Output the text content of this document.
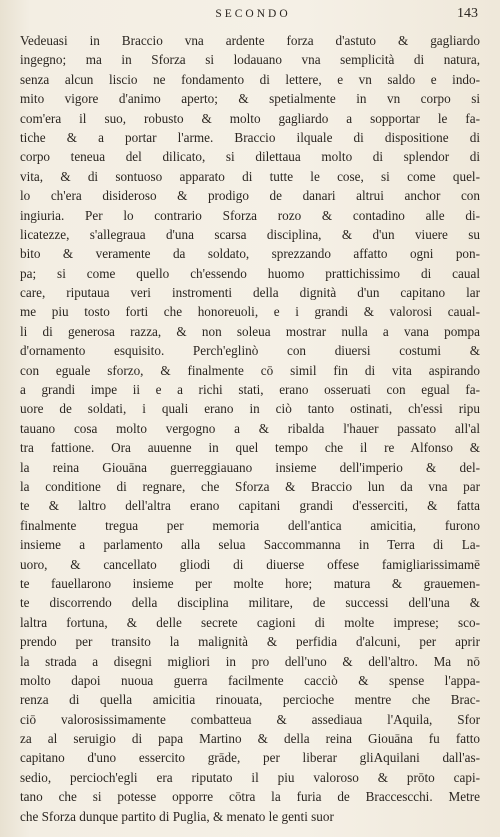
SECONDO	143
Vedeuasi in Braccio vna ardente forza d'astuto & gagliardo
ingegno; ma in Sforza si lodauano vna semplicità di natura,
senza alcun lisciο ne fondamento di lettere, e vn saldo e indo-
mito vigore d'animo aperto; & spetialmente in vn corpo si
com'era il suo, robusto & molto gagliardo a sopportar le fa-
tiche & a portar l'arme. Braccio ilquale di dispositione di
corpo teneua del dilicato, si dilettaua molto di splendor di
vita, & di sontuoso apparato di tutte le cose, si come quel-
lo ch'era disideroso & prodigo de danari altrui anchor con
ingiuria. Per lo contrario Sforza rozo & contadino alle di-
licatezze, s'allegraua d'una scarsa disciplina, & d'un viuere su
bito & veramente da soldato, sprezzando affatto ogni pon-
pa; si come quello ch'essendo huomo prattichissimo di caual
care, riputaua veri instromenti della dignità d'un capitano lar
me piu tosto forti che honoreuoli, e i grandi & valorosi caual-
li di generosa razza, & non soleua mostrar nulla a vana pompa
d'ornamento esquisito. Perch'eglinò con diuersi costumi &
con eguale sforzo, & finalmente cō simil fin di vita aspirando
a grandi impe ii e a richi stati, erano osseruati con egual fa-
uore de soldati, i quali erano in ciò tanto ostinati, ch'essi ripu
tauano cosa molto vergogno a & ribalda l'hauer passato all'al
tra fattione. Ora auuenne in quel tempo che il re Alfonso &
la reina Giouāna guerreggiauano insieme dell'imperio & del-
la conditione di regnare, che Sforza & Braccio lun da vna par
te & laltro dell'altra erano capitani grandi d'esserciti, & fatta
finalmente tregua per memoria dell'antica amicitia, furono
insieme a parlamento alla selua Saccommanna in Terra di La-
uoro, & cancellato gliodi di diuerse offese famigliarissimamē
te fauellarono insieme per molte hore; matura & grauemen-
te discorrendo della disciplina militare, de successi dell'una &
laltra fortuna, & delle secrete cagioni di molte imprese; sco-
prendo per transito la malignità & perfidia d'alcuni, per aprir
la strada a disegni migliori in pro dell'uno & dell'altro. Ma nō
molto dapoi nuoua guerra facilmente cacciò & spense l'appa-
renza di quella amicitia rinouata, percioche mentre che Brac-
ciō valorosissimamente combatteua & assediaua l'Aquila, Sfor
za al seruigio di papa Martino & della reina Giouāna fu fatto
capitano d'uno essercito grāde, per liberar gliAquilani dall'as-
sedio, percioch'egli era riputato il piu valoroso & prōto capi-
tano che si potesse opporre cōtra la furia de Braccescchi. Metre
che Sforza dunque partito di Puglia, & menato le genti suor
